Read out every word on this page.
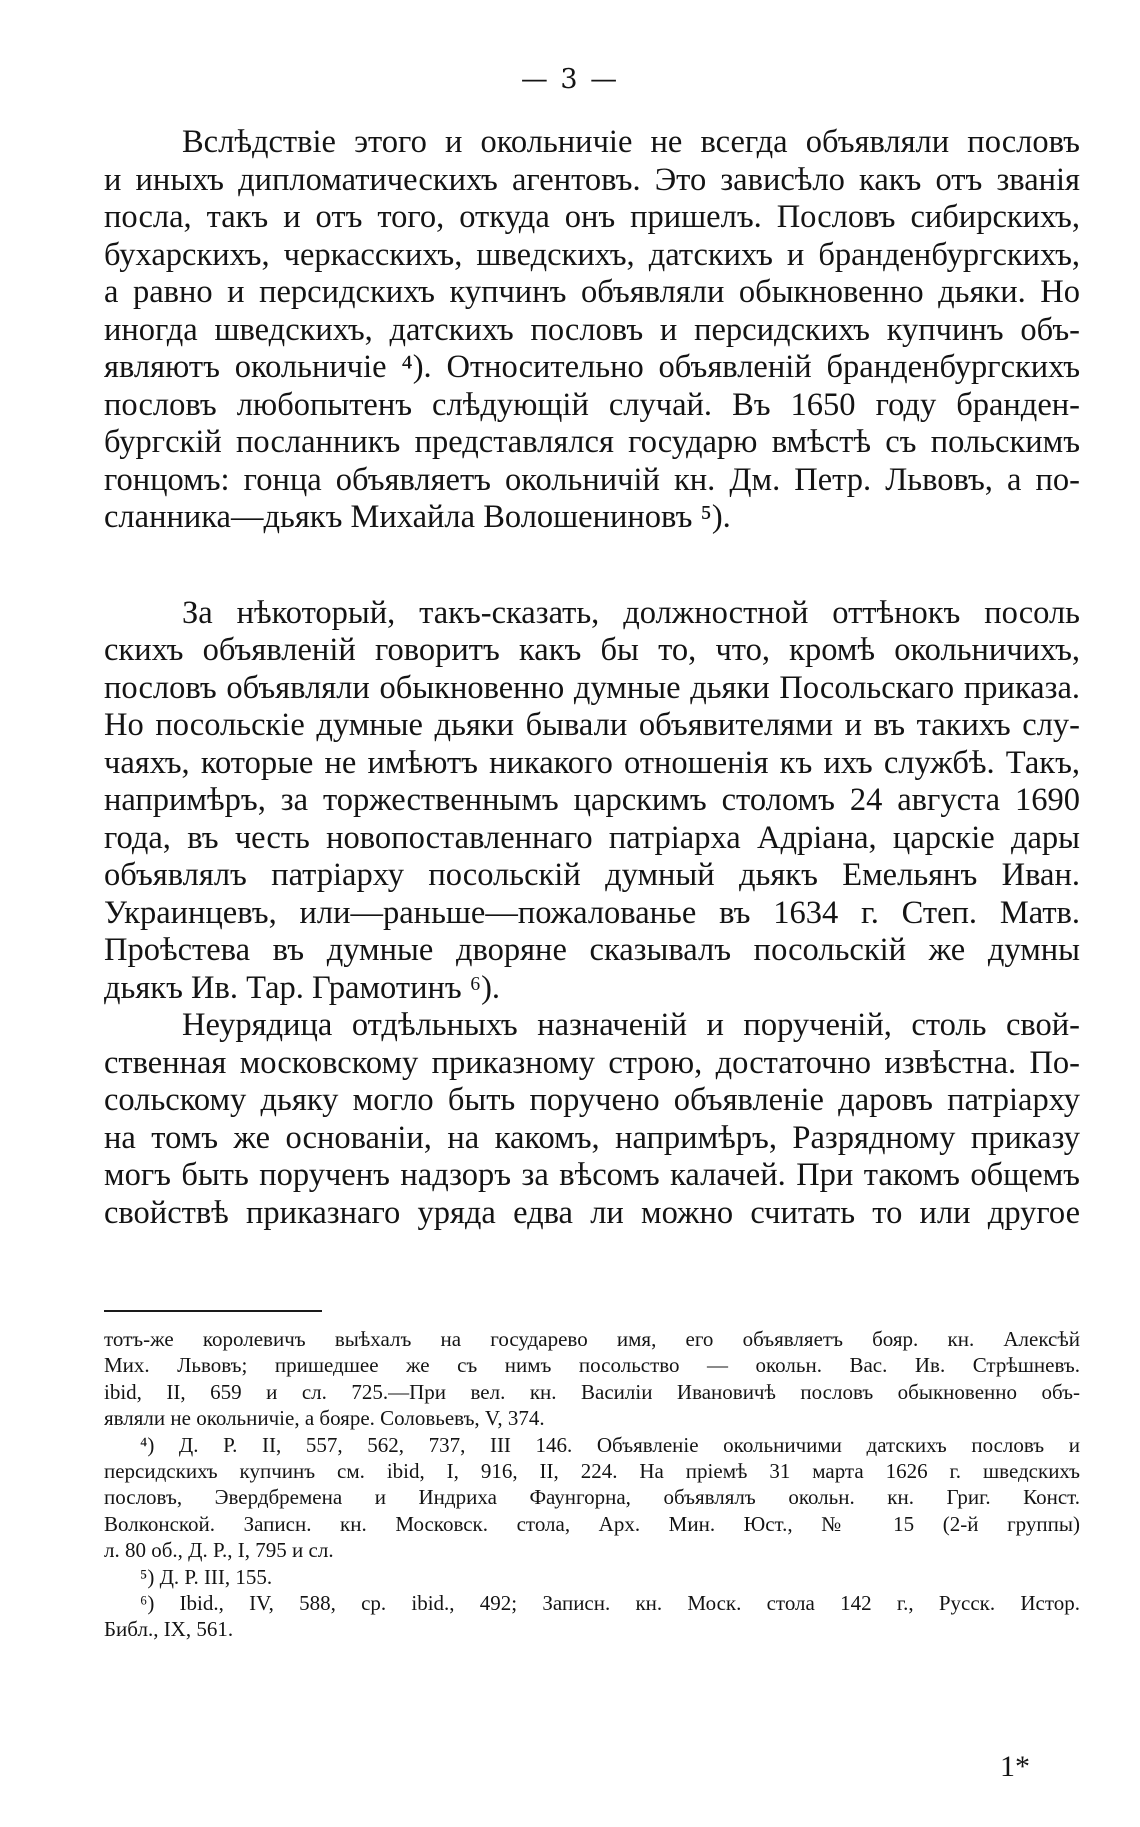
— 3 —
Вслѣдствіе этого и окольничіе не всегда объявляли пословъ
и иныхъ дипломатическихъ агентовъ. Это зависѣло какъ отъ званія
посла, такъ и отъ того, откуда онъ пришелъ. Пословъ сибирскихъ,
бухарскихъ, черкасскихъ, шведскихъ, датскихъ и бранденбургскихъ,
а равно и персидскихъ купчинъ объявляли обыкновенно дьяки. Но
иногда шведскихъ, датскихъ пословъ и персидскихъ купчинъ объ-
являютъ окольничіе ⁴). Относительно объявленій бранденбургскихъ
пословъ любопытенъ слѣдующій случай. Въ 1650 году бранден-
бургскій посланникъ представлялся государю вмѣстѣ съ польскимъ
гонцомъ: гонца объявляетъ окольничій кн. Дм. Петр. Львовъ, а по-
сланника—дьякъ Михайла Волошениновъ ⁵).
За нѣкоторый, такъ-сказать, должностной оттѣнокъ посоль
скихъ объявленій говоритъ какъ бы то, что, кромѣ окольничихъ,
пословъ объявляли обыкновенно думные дьяки Посольскаго приказа.
Но посольскіе думные дьяки бывали объявителями и въ такихъ слу-
чаяхъ, которые не имѣютъ никакого отношенія къ ихъ службѣ. Такъ,
напримѣръ, за торжественнымъ царскимъ столомъ 24 августа 1690
года, въ честь новопоставленнаго патріарха Адріана, царскіе дары
объявлялъ патріарху посольскій думный дьякъ Емельянъ Иван.
Украинцевъ, или—раньше—пожалованье въ 1634 г. Степ. Матв.
Проѣстева въ думные дворяне сказывалъ посольскій же думны
дьякъ Ив. Тар. Грамотинъ ⁶).
Неурядица отдѣльныхъ назначеній и порученій, столь свой-
ственная московскому приказному строю, достаточно извѣстна. По-
сольскому дьяку могло быть поручено объявленіе даровъ патріарху
на томъ же основаніи, на какомъ, напримѣръ, Разрядному приказу
могъ быть порученъ надзоръ за вѣсомъ калачей. При такомъ общемъ
свойствѣ приказнаго уряда едва ли можно считать то или другое
тотъ-же королевичъ выѣхалъ на государево имя, его объявляетъ бояр. кн. Алексѣй
Мих. Львовъ; пришедшее же съ нимъ посольство — окольн. Вас. Ив. Стрѣшневъ.
ibid, II, 659 и сл. 725.—При вел. кн. Василіи Ивановичѣ пословъ обыкновенно объ-
являли не окольничіе, а бояре. Соловьевъ, V, 374.
⁴) Д. Р. II, 557, 562, 737, III 146. Объявленіе окольничими датскихъ пословъ и
персидскихъ купчинъ см. ibid, I, 916, II, 224. На пріемѣ 31 марта 1626 г. шведскихъ
пословъ, Эвердбремена и Индриха Фаунгорна, объявлялъ окольн. кн. Григ. Конст.
Волконской. Записн. кн. Московск. стола, Арх. Мин. Юст., № 15 (2-й группы)
л. 80 об., Д. Р., I, 795 и сл.
⁵) Д. Р. III, 155.
⁶) Ibid., IV, 588, ср. ibid., 492; Записн. кн. Моск. стола 142 г., Русск. Истор.
Библ., IX, 561.
1*
